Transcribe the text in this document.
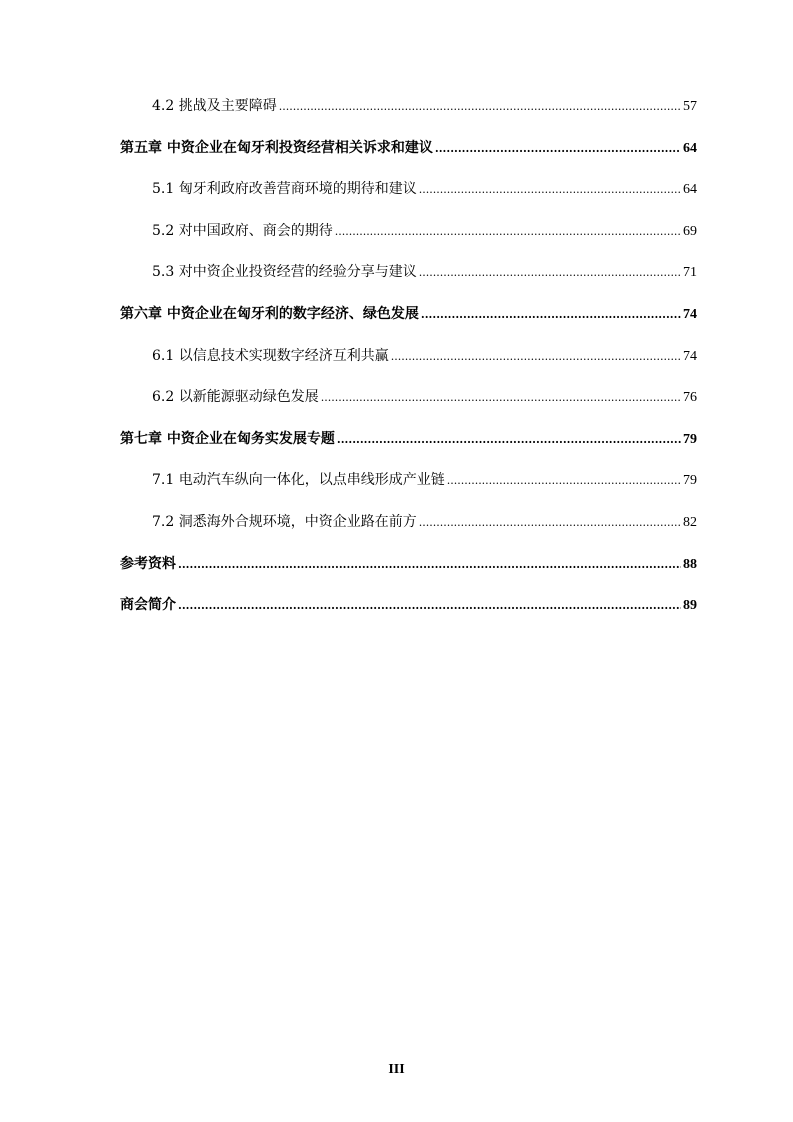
4.2 挑战及主要障碍 .....	57
第五章 中资企业在匈牙利投资经营相关诉求和建议 .....	64
5.1 匈牙利政府改善营商环境的期待和建议 .....	64
5.2 对中国政府、商会的期待 .....	69
5.3 对中资企业投资经营的经验分享与建议 .....	71
第六章 中资企业在匈牙利的数字经济、绿色发展 .....	74
6.1 以信息技术实现数字经济互利共赢 .....	74
6.2 以新能源驱动绿色发展 .....	76
第七章 中资企业在匈务实发展专题 .....	79
7.1 电动汽车纵向一体化，以点串线形成产业链 .....	79
7.2 洞悉海外合规环境，中资企业路在前方 .....	82
参考资料 .....	88
商会简介 .....	89
III
